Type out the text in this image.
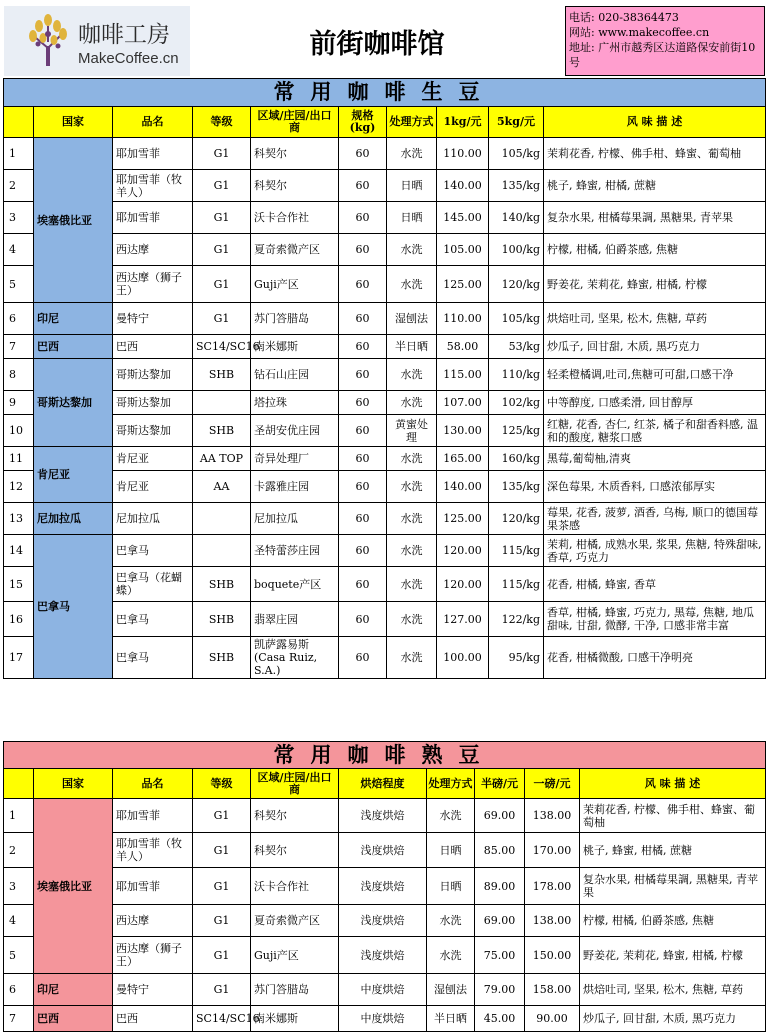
咖啡工房
MakeCoffee.cn	前街咖啡馆
电话: 020-38364473
网站: www.makecoffee.cn
地址: 广州市越秀区达道路保安前街10号
常用咖啡生豆									
	国家	品名	等级	区域/庄园/出口商	规格(kg)	处理方式	1kg/元	5kg/元	风 味 描 述
1	埃塞俄比亚	耶加雪菲	G1	科契尔	60	水洗	110.00	105/kg	茉莉花香, 柠檬、佛手柑、蜂蜜、葡萄柚
2		耶加雪菲（牧羊人）	G1	科契尔	60	日晒	140.00	135/kg	桃子, 蜂蜜, 柑橘, 蔗糖
3		耶加雪菲	G1	沃卡合作社	60	日晒	145.00	140/kg	复杂水果, 柑橘莓果調, 黑糖果, 青苹果
4		西达摩	G1	夏奇索微产区	60	水洗	105.00	100/kg	柠檬, 柑橘, 伯爵茶感, 焦糖
5		西达摩（狮子王）	G1	Guji产区	60	水洗	125.00	120/kg	野姜花, 茉莉花, 蜂蜜, 柑橘, 柠檬
6	印尼	曼特宁	G1	苏门答腊岛	60	湿刨法	110.00	105/kg	烘焙吐司, 坚果, 松木, 焦糖, 草药
7	巴西	巴西	SC14/SC16	南米娜斯	60	半日晒	58.00	53/kg	炒瓜子, 回甘甜, 木质, 黑巧克力
8	哥斯达黎加	哥斯达黎加	SHB	钻石山庄园	60	水洗	115.00	110/kg	轻柔橙橘调,吐司,焦糖可可甜,口感干净
9		哥斯达黎加		塔拉珠	60	水洗	107.00	102/kg	中等醇度, 口感柔滑, 回甘醇厚
10		哥斯达黎加	SHB	圣胡安优庄园	60	黄蜜处理	130.00	125/kg	红糖, 花香, 杏仁, 红茶, 橘子和甜香料感, 温和的酸度, 糖浆口感
11	肯尼亚	肯尼亚	AA TOP	奇异处理厂	60	水洗	165.00	160/kg	黑莓,葡萄柚,清爽
12		肯尼亚	AA	卡露雅庄园	60	水洗	140.00	135/kg	深色莓果, 木质香料, 口感浓郁厚实
13	尼加拉瓜	尼加拉瓜		尼加拉瓜	60	水洗	125.00	120/kg	莓果, 花香, 菠萝, 酒香, 乌梅, 顺口的德国莓果茶感
14	巴拿马	巴拿马		圣特蕾莎庄园	60	水洗	120.00	115/kg	茉莉, 柑橘, 成熟水果, 浆果, 焦糖, 特殊甜味, 香草, 巧克力
15		巴拿马（花蝴蝶）	SHB	boquete产区	60	水洗	120.00	115/kg	花香, 柑橘, 蜂蜜, 香草
16		巴拿马	SHB	翡翠庄园	60	水洗	127.00	122/kg	香草, 柑橘, 蜂蜜, 巧克力, 黑莓, 焦糖, 地瓜甜味, 甘甜, 微酵, 干净, 口感非常丰富
17		巴拿马	SHB	凯萨露易斯 (Casa Ruiz, S.A.)	60	水洗	100.00	95/kg	花香, 柑橘微酸, 口感干净明亮
常用咖啡熟豆									
	国家	品名	等级	区域/庄园/出口商	烘焙程度	处理方式	半磅/元	一磅/元	风 味 描 述
1	埃塞俄比亚	耶加雪菲	G1	科契尔	浅度烘焙	水洗	69.00	138.00	茉莉花香, 柠檬、佛手柑、蜂蜜、葡萄柚
2		耶加雪菲（牧羊人）	G1	科契尔	浅度烘焙	日晒	85.00	170.00	桃子, 蜂蜜, 柑橘, 蔗糖
3		耶加雪菲	G1	沃卡合作社	浅度烘焙	日晒	89.00	178.00	复杂水果, 柑橘莓果調, 黑糖果, 青苹果
4		西达摩	G1	夏奇索微产区	浅度烘焙	水洗	69.00	138.00	柠檬, 柑橘, 伯爵茶感, 焦糖
5		西达摩（狮子王）	G1	Guji产区	浅度烘焙	水洗	75.00	150.00	野姜花, 茉莉花, 蜂蜜, 柑橘, 柠檬
6	印尼	曼特宁	G1	苏门答腊岛	中度烘焙	湿刨法	79.00	158.00	烘焙吐司, 坚果, 松木, 焦糖, 草药
7	巴西	巴西	SC14/SC16	南米娜斯	中度烘焙	半日晒	45.00	90.00	炒瓜子, 回甘甜, 木质, 黑巧克力
